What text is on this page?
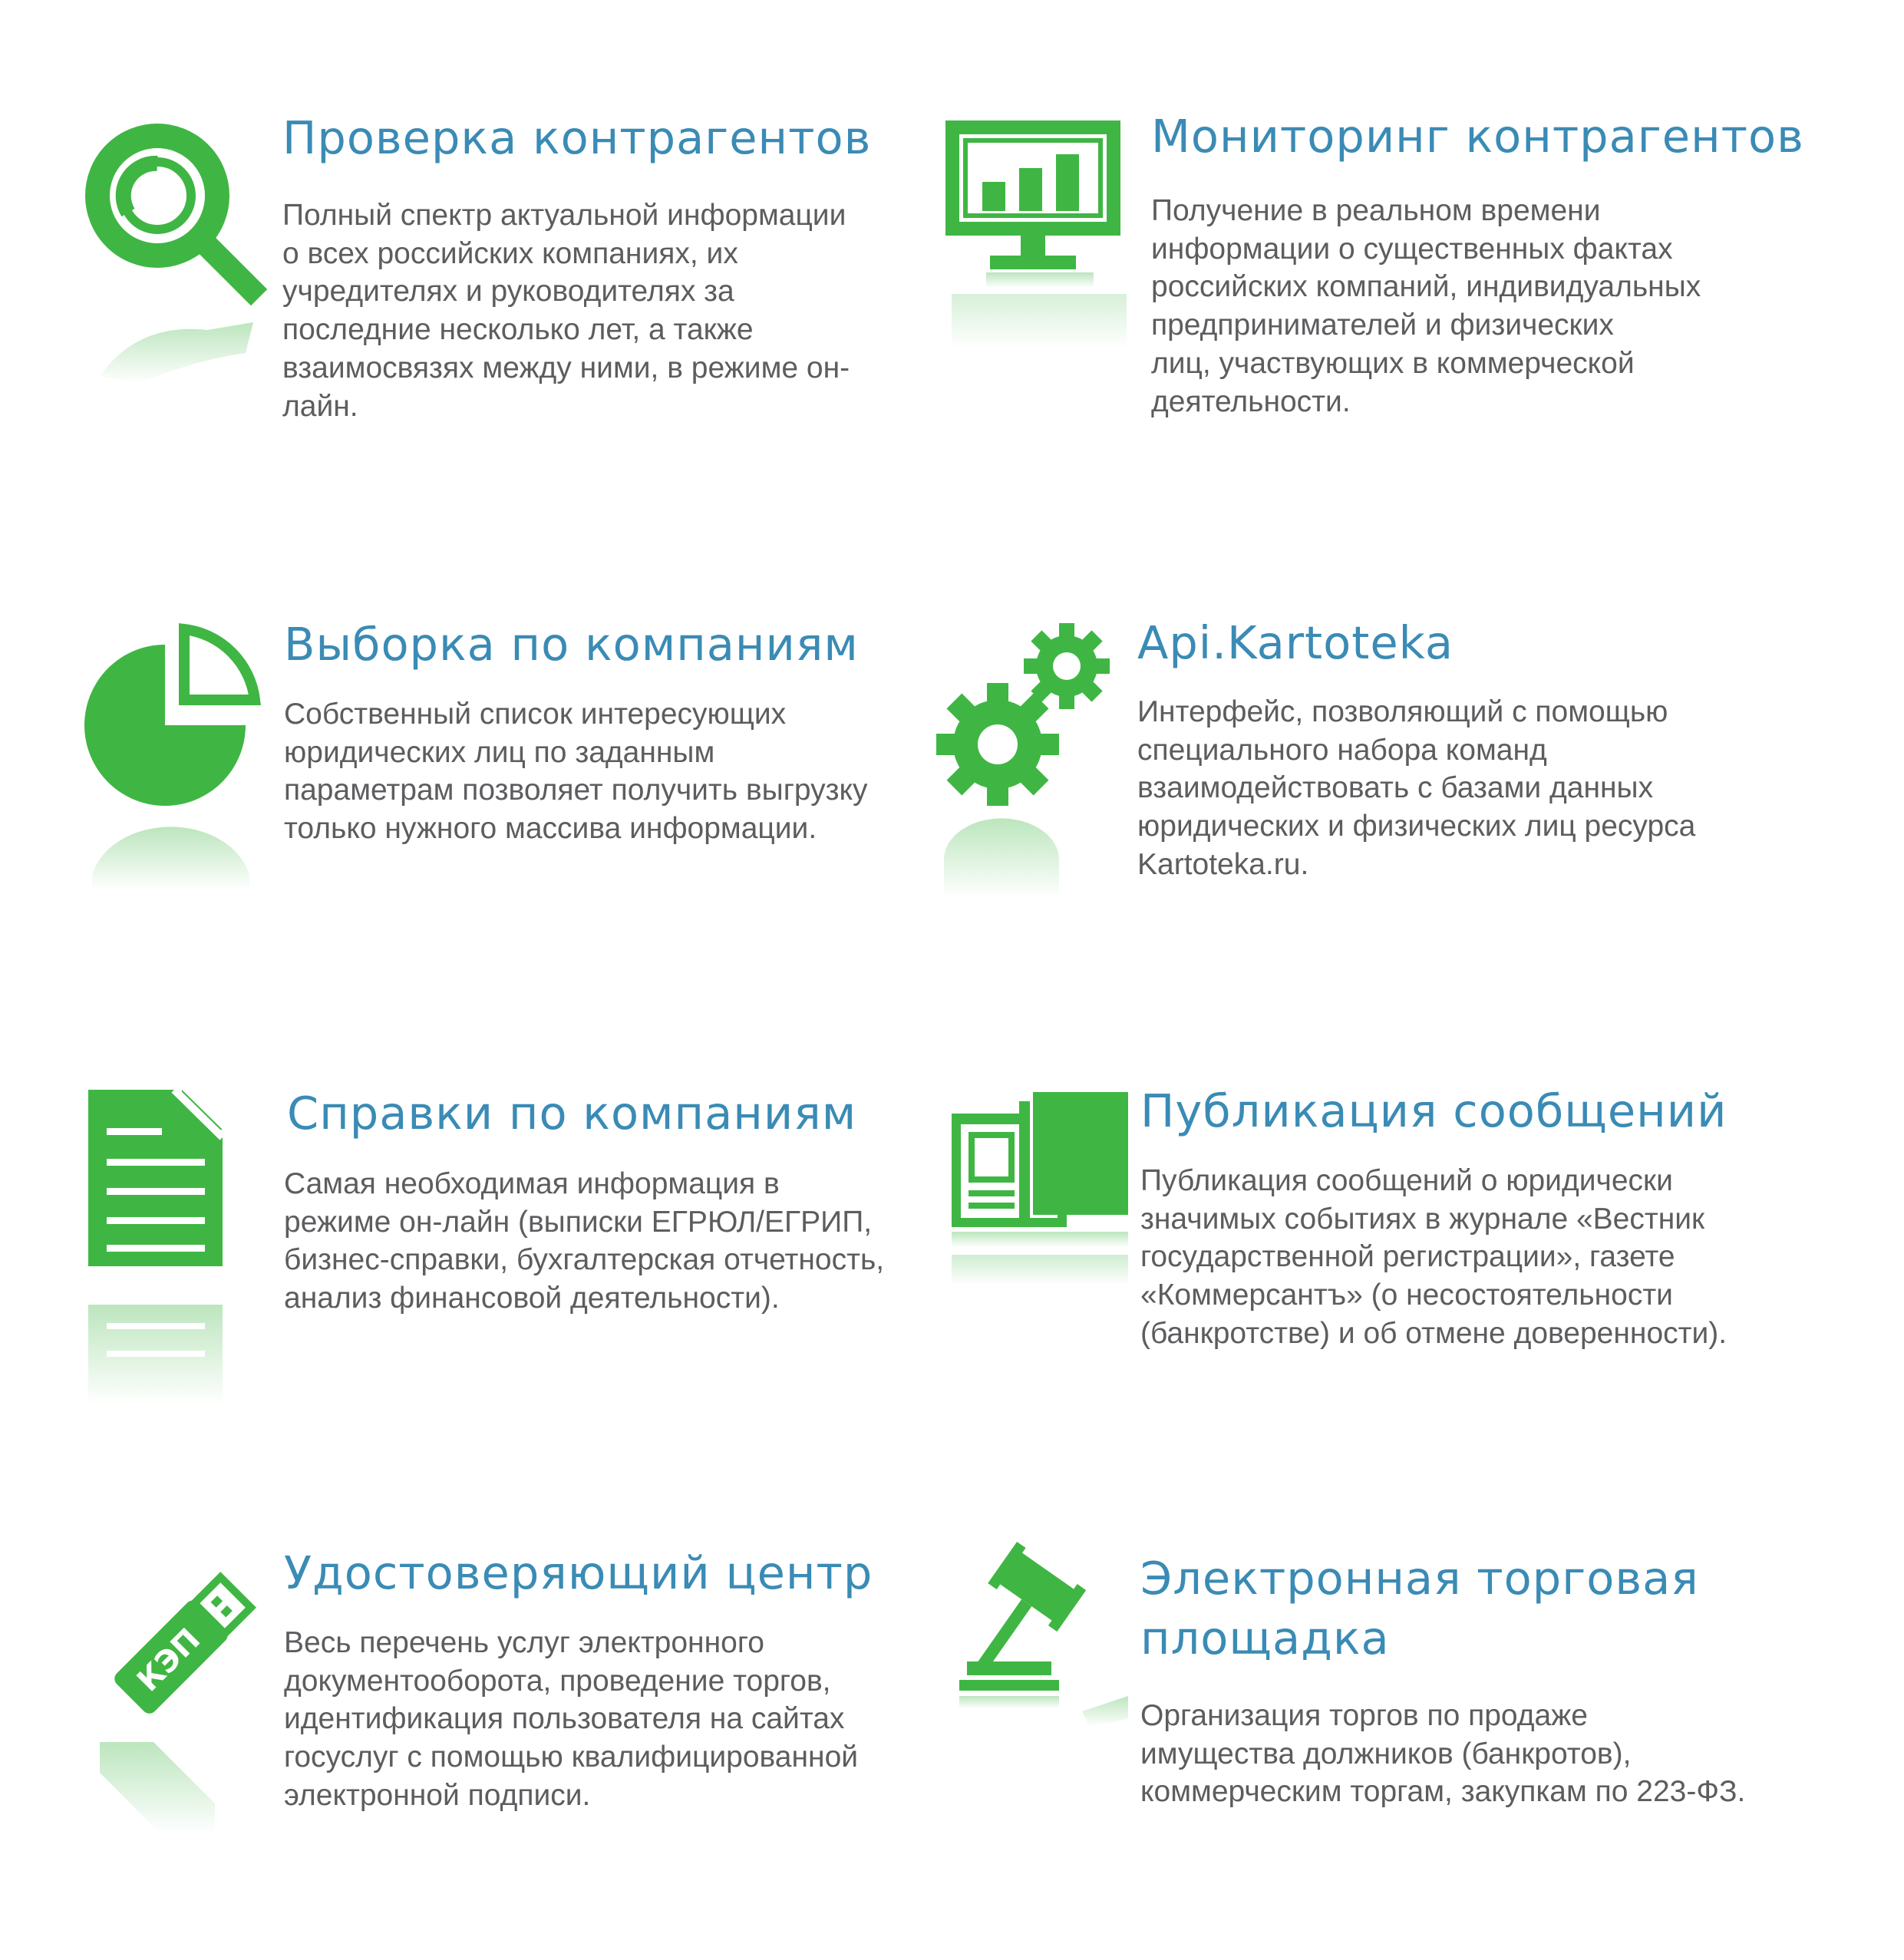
Проверка контрагентов

Полный спектр актуальной информации
о всех российских компаниях, их
учредителях и руководителях за
последние несколько лет, а также
взаимосвязях между ними, в режиме он-
лайн.

Мониторинг контрагентов

Получение в реальном времени
информации о существенных фактах
российских компаний, индивидуальных
предпринимателей и физических
лиц, участвующих в коммерческой
деятельности.

Выборка по компаниям

Собственный список интересующих
юридических лиц по заданным
параметрам позволяет получить выгрузку
только нужного массива информации.

Api.Kartoteka

Интерфейс, позволяющий с помощью
специального набора команд
взаимодействовать с базами данных
юридических и физических лиц ресурса
Kartoteka.ru.

Справки по компаниям

Самая необходимая информация в
режиме он-лайн (выписки ЕГРЮЛ/ЕГРИП,
бизнес-справки, бухгалтерская отчетность,
анализ финансовой деятельности).

Публикация сообщений

Публикация сообщений о юридически
значимых событиях в журнале «Вестник
государственной регистрации», газете
«Коммерсантъ» (о несостоятельности
(банкротстве) и об отмене доверенности).

КЭП
Удостоверяющий центр

Весь перечень услуг электронного
документооборота, проведение торгов,
идентификация пользователя на сайтах
госуслуг с помощью квалифицированной
электронной подписи.

Электронная торговая
площадка

Организация торгов по продаже
имущества должников (банкротов),
коммерческим торгам, закупкам по 223-ФЗ.
